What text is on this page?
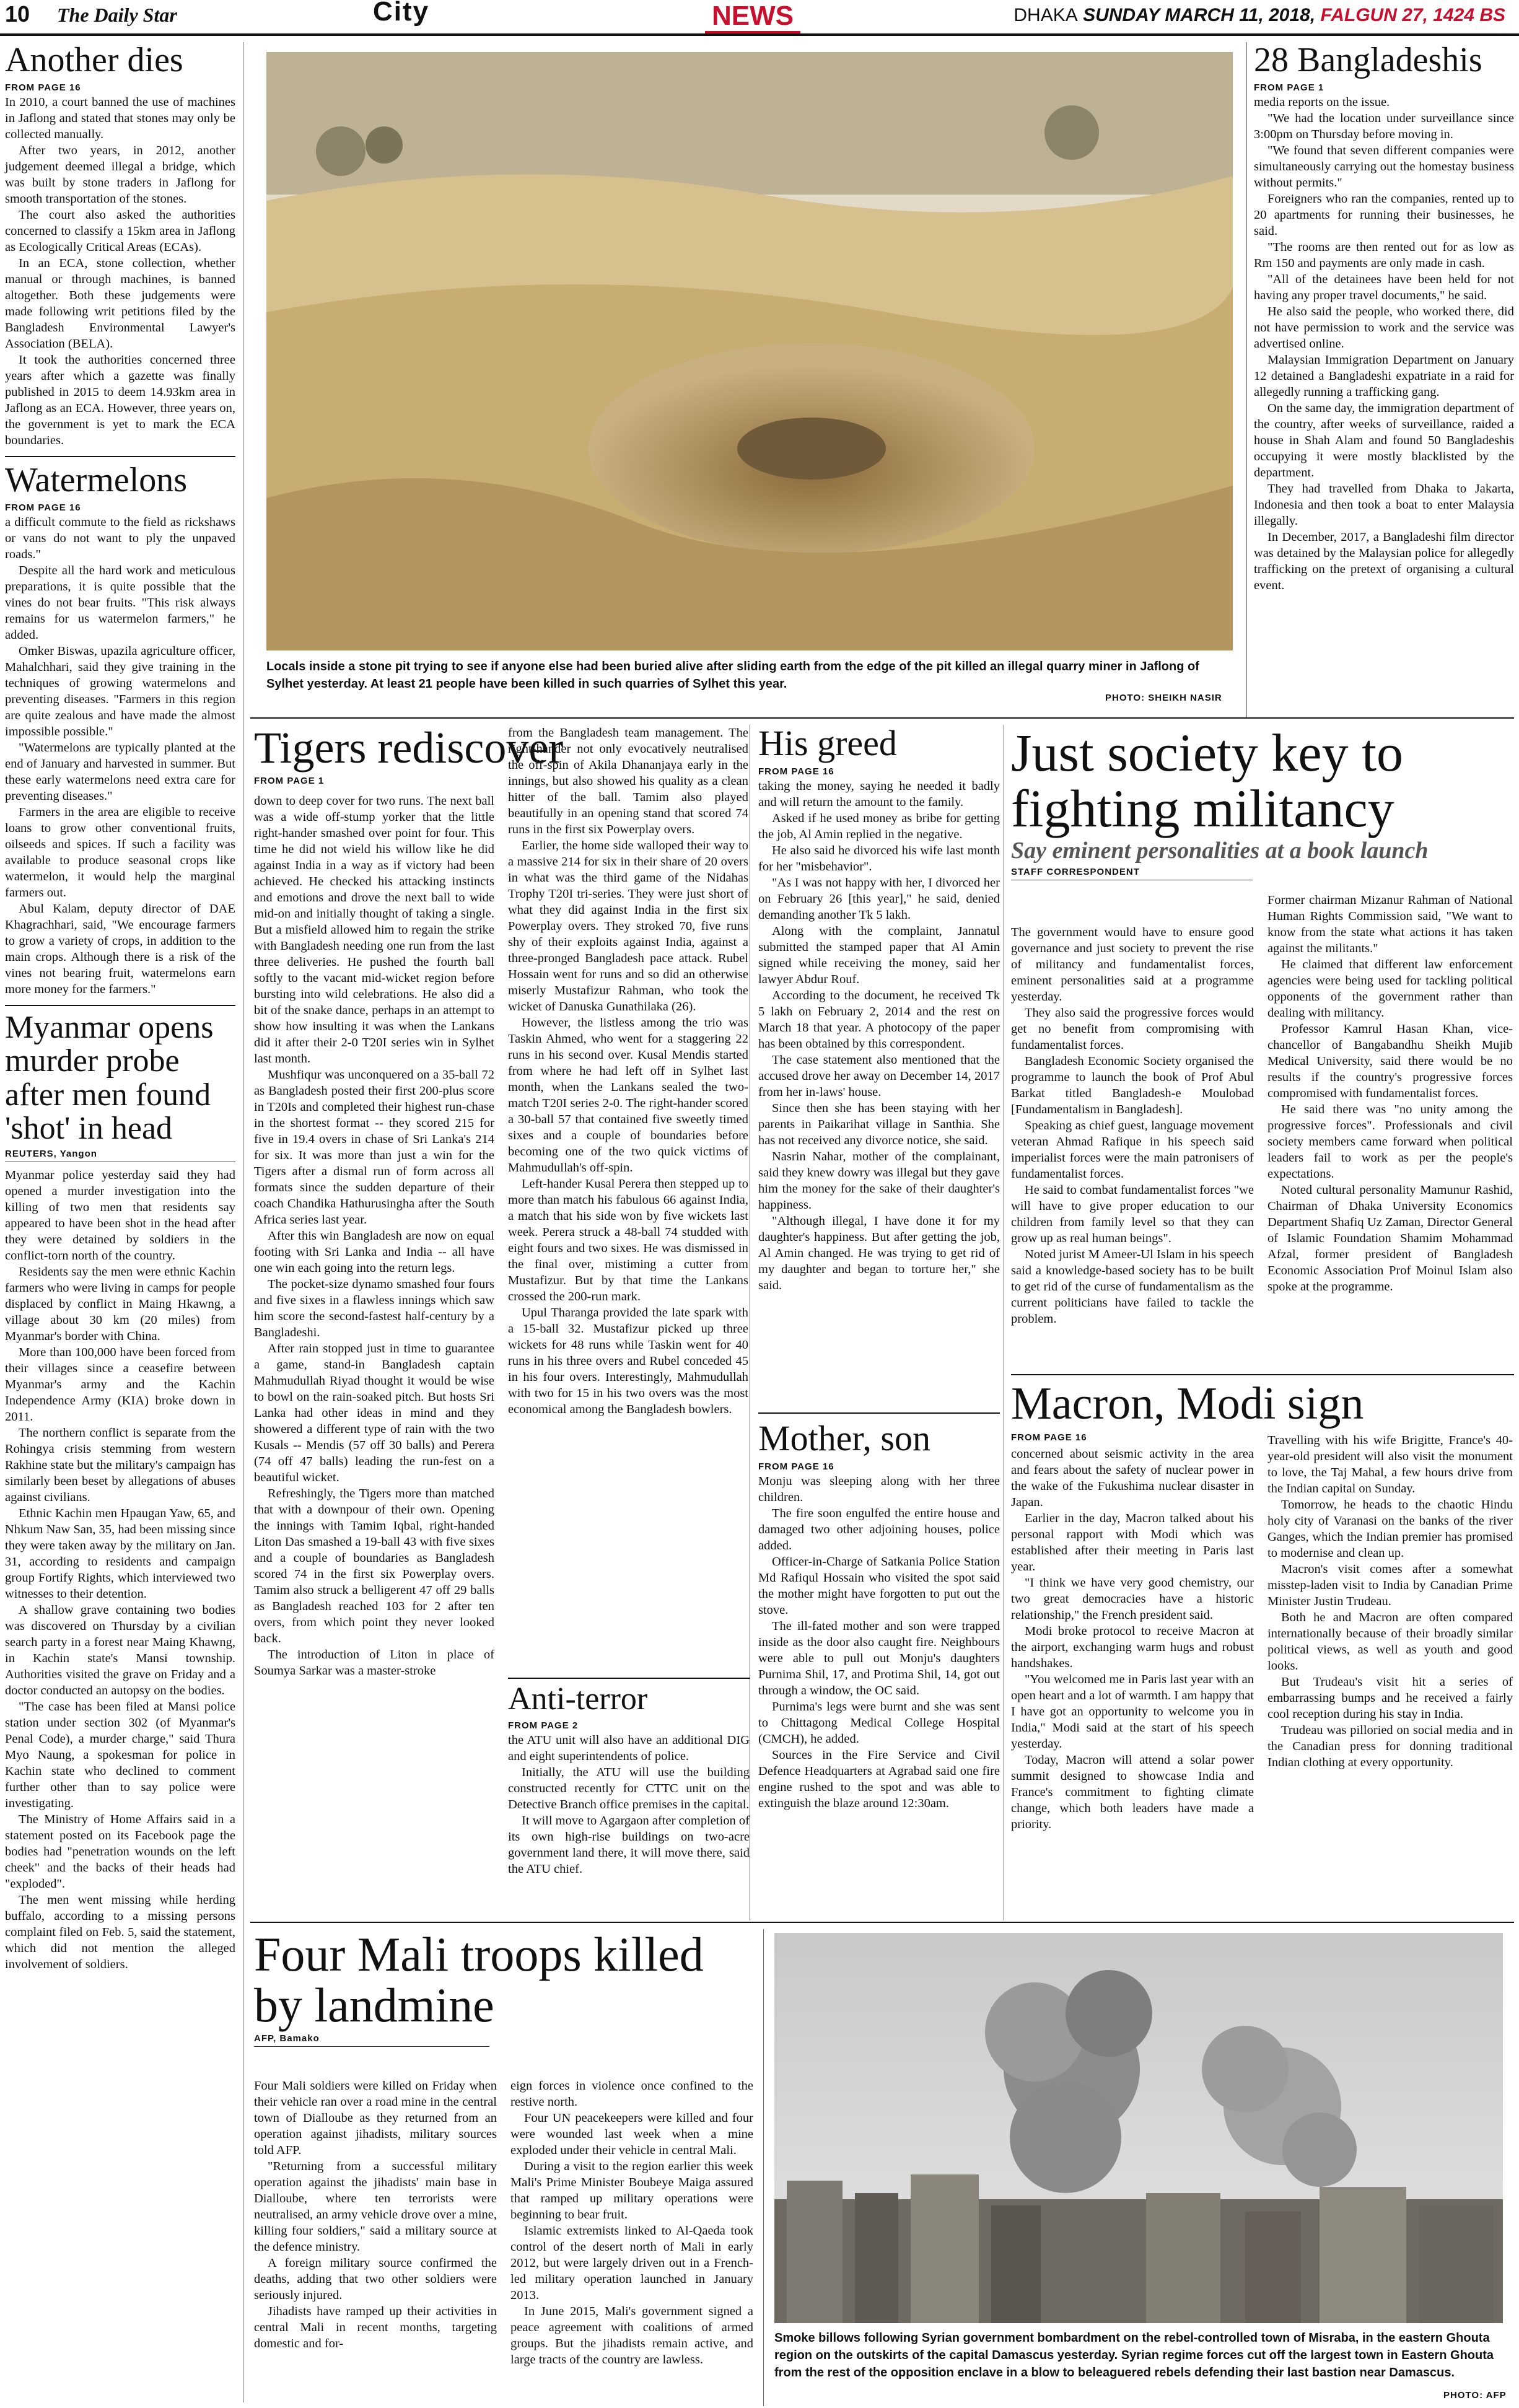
10 The Daily Star	City	NEWS	DHAKA SUNDAY MARCH 11, 2018, FALGUN 27, 1424 BS
Another dies
FROM PAGE 16

In 2010, a court banned the use of machines in Jaflong and stated that stones may only be collected manually.

After two years, in 2012, another judgement deemed illegal a bridge, which was built by stone traders in Jaflong for smooth transportation of the stones.

The court also asked the authorities concerned to classify a 15km area in Jaflong as Ecologically Critical Areas (ECAs).

In an ECA, stone collection, whether manual or through machines, is banned altogether. Both these judgements were made following writ petitions filed by the Bangladesh Environmental Lawyer's Association (BELA).

It took the authorities concerned three years after which a gazette was finally published in 2015 to deem 14.93km area in Jaflong as an ECA. However, three years on, the government is yet to mark the ECA boundaries.

Watermelons
FROM PAGE 16

a difficult commute to the field as rickshaws or vans do not want to ply the unpaved roads."

Despite all the hard work and meticulous preparations, it is quite possible that the vines do not bear fruits. "This risk always remains for us watermelon farmers," he added.

Omker Biswas, upazila agriculture officer, Mahalchhari, said they give training in the techniques of growing watermelons and preventing diseases. "Farmers in this region are quite zealous and have made the almost impossible possible."

"Watermelons are typically planted at the end of January and harvested in summer. But these early watermelons need extra care for preventing diseases."

Farmers in the area are eligible to receive loans to grow other conventional fruits, oilseeds and spices. If such a facility was available to produce seasonal crops like watermelon, it would help the marginal farmers out.

Abul Kalam, deputy director of DAE Khagrachhari, said, "We encourage farmers to grow a variety of crops, in addition to the main crops. Although there is a risk of the vines not bearing fruit, watermelons earn more money for the farmers."

Myanmar opens murder probe after men found 'shot' in head
REUTERS, Yangon

Myanmar police yesterday said they had opened a murder investigation into the killing of two men that residents say appeared to have been shot in the head after they were detained by soldiers in the conflict-torn north of the country.

Residents say the men were ethnic Kachin farmers who were living in camps for people displaced by conflict in Maing Hkawng, a village about 30 km (20 miles) from Myanmar's border with China.

More than 100,000 have been forced from their villages since a ceasefire between Myanmar's army and the Kachin Independence Army (KIA) broke down in 2011.

The northern conflict is separate from the Rohingya crisis stemming from western Rakhine state but the military's campaign has similarly been beset by allegations of abuses against civilians.

Ethnic Kachin men Hpaugan Yaw, 65, and Nhkum Naw San, 35, had been missing since they were taken away by the military on Jan. 31, according to residents and campaign group Fortify Rights, which interviewed two witnesses to their detention.

A shallow grave containing two bodies was discovered on Thursday by a civilian search party in a forest near Maing Khawng, in Kachin state's Mansi township. Authorities visited the grave on Friday and a doctor conducted an autopsy on the bodies.

"The case has been filed at Mansi police station under section 302 (of Myanmar's Penal Code), a murder charge," said Thura Myo Naung, a spokesman for police in Kachin state who declined to comment further other than to say police were investigating.

The Ministry of Home Affairs said in a statement posted on its Facebook page the bodies had "penetration wounds on the left cheek" and the backs of their heads had "exploded".

The men went missing while herding buffalo, according to a missing persons complaint filed on Feb. 5, said the statement, which did not mention the alleged involvement of soldiers.

Locals inside a stone pit trying to see if anyone else had been buried alive after sliding earth from the edge of the pit killed an illegal quarry miner in Jaflong of Sylhet yesterday. At least 21 people have been killed in such quarries of Sylhet this year.
PHOTO: SHEIKH NASIR
28 Bangladeshis
FROM PAGE 1

media reports on the issue.

"We had the location under surveillance since 3:00pm on Thursday before moving in.

"We found that seven different companies were simultaneously carrying out the homestay business without permits."

Foreigners who ran the companies, rented up to 20 apartments for running their businesses, he said.

"The rooms are then rented out for as low as Rm 150 and payments are only made in cash.

"All of the detainees have been held for not having any proper travel documents," he said.

He also said the people, who worked there, did not have permission to work and the service was advertised online.

Malaysian Immigration Department on January 12 detained a Bangladeshi expatriate in a raid for allegedly running a trafficking gang.

On the same day, the immigration department of the country, after weeks of surveillance, raided a house in Shah Alam and found 50 Bangladeshis occupying it were mostly blacklisted by the department.

They had travelled from Dhaka to Jakarta, Indonesia and then took a boat to enter Malaysia illegally.

In December, 2017, a Bangladeshi film director was detained by the Malaysian police for allegedly trafficking on the pretext of organising a cultural event.

Tigers rediscover
FROM PAGE 1

down to deep cover for two runs. The next ball was a wide off-stump yorker that the little right-hander smashed over point for four. This time he did not wield his willow like he did against India in a way as if victory had been achieved. He checked his attacking instincts and emotions and drove the next ball to wide mid-on and initially thought of taking a single. But a misfield allowed him to regain the strike with Bangladesh needing one run from the last three deliveries. He pushed the fourth ball softly to the vacant mid-wicket region before bursting into wild celebrations. He also did a bit of the snake dance, perhaps in an attempt to show how insulting it was when the Lankans did it after their 2-0 T20I series win in Sylhet last month.

Mushfiqur was unconquered on a 35-ball 72 as Bangladesh posted their first 200-plus score in T20Is and completed their highest run-chase in the shortest format -- they scored 215 for five in 19.4 overs in chase of Sri Lanka's 214 for six. It was more than just a win for the Tigers after a dismal run of form across all formats since the sudden departure of their coach Chandika Hathurusingha after the South Africa series last year.

After this win Bangladesh are now on equal footing with Sri Lanka and India -- all have one win each going into the return legs.

The pocket-size dynamo smashed four fours and five sixes in a flawless innings which saw him score the second-fastest half-century by a Bangladeshi.

After rain stopped just in time to guarantee a game, stand-in Bangladesh captain Mahmudullah Riyad thought it would be wise to bowl on the rain-soaked pitch. But hosts Sri Lanka had other ideas in mind and they showered a different type of rain with the two Kusals -- Mendis (57 off 30 balls) and Perera (74 off 47 balls) leading the run-fest on a beautiful wicket.

Refreshingly, the Tigers more than matched that with a downpour of their own. Opening the innings with Tamim Iqbal, right-handed Liton Das smashed a 19-ball 43 with five sixes and a couple of boundaries as Bangladesh scored 74 in the first six Powerplay overs. Tamim also struck a belligerent 47 off 29 balls as Bangladesh reached 103 for 2 after ten overs, from which point they never looked back.

The introduction of Liton in place of Soumya Sarkar was a master-stroke

from the Bangladesh team management. The right-hander not only evocatively neutralised the off-spin of Akila Dhananjaya early in the innings, but also showed his quality as a clean hitter of the ball. Tamim also played beautifully in an opening stand that scored 74 runs in the first six Powerplay overs.

Earlier, the home side walloped their way to a massive 214 for six in their share of 20 overs in what was the third game of the Nidahas Trophy T20I tri-series. They were just short of what they did against India in the first six Powerplay overs. They stroked 70, five runs shy of their exploits against India, against a three-pronged Bangladesh pace attack. Rubel Hossain went for runs and so did an otherwise miserly Mustafizur Rahman, who took the wicket of Danuska Gunathilaka (26).

However, the listless among the trio was Taskin Ahmed, who went for a staggering 22 runs in his second over. Kusal Mendis started from where he had left off in Sylhet last month, when the Lankans sealed the two-match T20I series 2-0. The right-hander scored a 30-ball 57 that contained five sweetly timed sixes and a couple of boundaries before becoming one of the two quick victims of Mahmudullah's off-spin.

Left-hander Kusal Perera then stepped up to more than match his fabulous 66 against India, a match that his side won by five wickets last week. Perera struck a 48-ball 74 studded with eight fours and two sixes. He was dismissed in the final over, mistiming a cutter from Mustafizur. But by that time the Lankans crossed the 200-run mark.

Upul Tharanga provided the late spark with a 15-ball 32. Mustafizur picked up three wickets for 48 runs while Taskin went for 40 runs in his three overs and Rubel conceded 45 in his four overs. Interestingly, Mahmudullah with two for 15 in his two overs was the most economical among the Bangladesh bowlers.

His greed
FROM PAGE 16

taking the money, saying he needed it badly and will return the amount to the family.

Asked if he used money as bribe for getting the job, Al Amin replied in the negative.

He also said he divorced his wife last month for her "misbehavior".

"As I was not happy with her, I divorced her on February 26 [this year]," he said, denied demanding another Tk 5 lakh.

Along with the complaint, Jannatul submitted the stamped paper that Al Amin signed while receiving the money, said her lawyer Abdur Rouf.

According to the document, he received Tk 5 lakh on February 2, 2014 and the rest on March 18 that year. A photocopy of the paper has been obtained by this correspondent.

The case statement also mentioned that the accused drove her away on December 14, 2017 from her in-laws' house.

Since then she has been staying with her parents in Paikarihat village in Santhia. She has not received any divorce notice, she said.

Nasrin Nahar, mother of the complainant, said they knew dowry was illegal but they gave him the money for the sake of their daughter's happiness.

"Although illegal, I have done it for my daughter's happiness. But after getting the job, Al Amin changed. He was trying to get rid of my daughter and began to torture her," she said.

Mother, son
FROM PAGE 16

Monju was sleeping along with her three children.

The fire soon engulfed the entire house and damaged two other adjoining houses, police added.

Officer-in-Charge of Satkania Police Station Md Rafiqul Hossain who visited the spot said the mother might have forgotten to put out the stove.

The ill-fated mother and son were trapped inside as the door also caught fire. Neighbours were able to pull out Monju's daughters Purnima Shil, 17, and Protima Shil, 14, got out through a window, the OC said.

Purnima's legs were burnt and she was sent to Chittagong Medical College Hospital (CMCH), he added.

Sources in the Fire Service and Civil Defence Headquarters at Agrabad said one fire engine rushed to the spot and was able to extinguish the blaze around 12:30am.

Anti-terror
FROM PAGE 2

the ATU unit will also have an additional DIG and eight superintendents of police.

Initially, the ATU will use the building constructed recently for CTTC unit on the Detective Branch office premises in the capital.

It will move to Agargaon after completion of its own high-rise buildings on two-acre government land there, it will move there, said the ATU chief.

Just society key to fighting militancy
Say eminent personalities at a book launch
STAFF CORRESPONDENT

The government would have to ensure good governance and just society to prevent the rise of militancy and fundamentalist forces, eminent personalities said at a programme yesterday.

They also said the progressive forces would get no benefit from compromising with fundamentalist forces.

Bangladesh Economic Society organised the programme to launch the book of Prof Abul Barkat titled Bangladesh-e Moulobad [Fundamentalism in Bangladesh].

Speaking as chief guest, language movement veteran Ahmad Rafique in his speech said imperialist forces were the main patronisers of fundamentalist forces.

He said to combat fundamentalist forces "we will have to give proper education to our children from family level so that they can grow up as real human beings".

Noted jurist M Ameer-Ul Islam in his speech said a knowledge-based society has to be built to get rid of the curse of fundamentalism as the current politicians have failed to tackle the problem.

Former chairman Mizanur Rahman of National Human Rights Commission said, "We want to know from the state what actions it has taken against the militants."

He claimed that different law enforcement agencies were being used for tackling political opponents of the government rather than dealing with militancy.

Professor Kamrul Hasan Khan, vice-chancellor of Bangabandhu Sheikh Mujib Medical University, said there would be no results if the country's progressive forces compromised with fundamentalist forces.

He said there was "no unity among the progressive forces". Professionals and civil society members came forward when political leaders fail to work as per the people's expectations.

Noted cultural personality Mamunur Rashid, Chairman of Dhaka University Economics Department Shafiq Uz Zaman, Director General of Islamic Foundation Shamim Mohammad Afzal, former president of Bangladesh Economic Association Prof Moinul Islam also spoke at the programme.

Macron, Modi sign
FROM PAGE 16

concerned about seismic activity in the area and fears about the safety of nuclear power in the wake of the Fukushima nuclear disaster in Japan.

Earlier in the day, Macron talked about his personal rapport with Modi which was established after their meeting in Paris last year.

"I think we have very good chemistry, our two great democracies have a historic relationship," the French president said.

Modi broke protocol to receive Macron at the airport, exchanging warm hugs and robust handshakes.

"You welcomed me in Paris last year with an open heart and a lot of warmth. I am happy that I have got an opportunity to welcome you in India," Modi said at the start of his speech yesterday.

Today, Macron will attend a solar power summit designed to showcase India and France's commitment to fighting climate change, which both leaders have made a priority.

Travelling with his wife Brigitte, France's 40-year-old president will also visit the monument to love, the Taj Mahal, a few hours drive from the Indian capital on Sunday.

Tomorrow, he heads to the chaotic Hindu holy city of Varanasi on the banks of the river Ganges, which the Indian premier has promised to modernise and clean up.

Macron's visit comes after a somewhat misstep-laden visit to India by Canadian Prime Minister Justin Trudeau.

Both he and Macron are often compared internationally because of their broadly similar political views, as well as youth and good looks.

But Trudeau's visit hit a series of embarrassing bumps and he received a fairly cool reception during his stay in India.

Trudeau was pilloried on social media and in the Canadian press for donning traditional Indian clothing at every opportunity.

Four Mali troops killed by landmine
AFP, Bamako

Four Mali soldiers were killed on Friday when their vehicle ran over a road mine in the central town of Dialloube as they returned from an operation against jihadists, military sources told AFP.

"Returning from a successful military operation against the jihadists' main base in Dialloube, where ten terrorists were neutralised, an army vehicle drove over a mine, killing four soldiers," said a military source at the defence ministry.

A foreign military source confirmed the deaths, adding that two other soldiers were seriously injured.

Jihadists have ramped up their activities in central Mali in recent months, targeting domestic and for-

eign forces in violence once confined to the restive north.

Four UN peacekeepers were killed and four were wounded last week when a mine exploded under their vehicle in central Mali.

During a visit to the region earlier this week Mali's Prime Minister Boubeye Maiga assured that ramped up military operations were beginning to bear fruit.

Islamic extremists linked to Al-Qaeda took control of the desert north of Mali in early 2012, but were largely driven out in a French-led military operation launched in January 2013.

In June 2015, Mali's government signed a peace agreement with coalitions of armed groups. But the jihadists remain active, and large tracts of the country are lawless.

Smoke billows following Syrian government bombardment on the rebel-controlled town of Misraba, in the eastern Ghouta region on the outskirts of the capital Damascus yesterday. Syrian regime forces cut off the largest town in Eastern Ghouta from the rest of the opposition enclave in a blow to beleaguered rebels defending their last bastion near Damascus.
PHOTO: AFP
